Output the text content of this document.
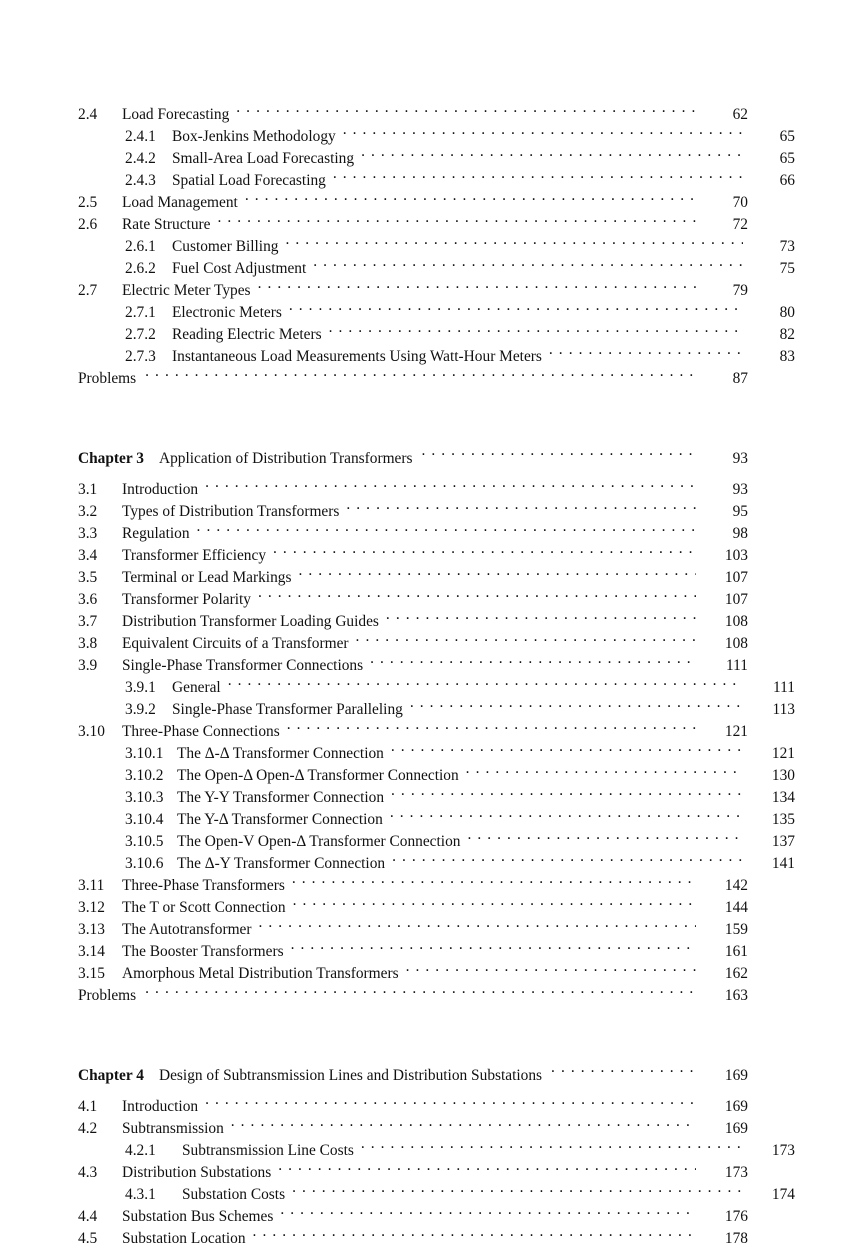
2.4	Load Forecasting . . .	62
2.4.1	Box-Jenkins Methodology . . .	65
2.4.2	Small-Area Load Forecasting . . .	65
2.4.3	Spatial Load Forecasting . . .	66
2.5	Load Management . . .	70
2.6	Rate Structure . . .	72
2.6.1	Customer Billing . . .	73
2.6.2	Fuel Cost Adjustment . . .	75
2.7	Electric Meter Types . . .	79
2.7.1	Electronic Meters . . .	80
2.7.2	Reading Electric Meters . . .	82
2.7.3	Instantaneous Load Measurements Using Watt-Hour Meters . . .	83
Problems . . .	87
Chapter 3 Application of Distribution Transformers . . .	93
3.1	Introduction . . .	93
3.2	Types of Distribution Transformers . . .	95
3.3	Regulation . . .	98
3.4	Transformer Efficiency . . .	103
3.5	Terminal or Lead Markings . . .	107
3.6	Transformer Polarity . . .	107
3.7	Distribution Transformer Loading Guides . . .	108
3.8	Equivalent Circuits of a Transformer . . .	108
3.9	Single-Phase Transformer Connections . . .	111
3.9.1	General . . .	111
3.9.2	Single-Phase Transformer Paralleling . . .	113
3.10	Three-Phase Connections . . .	121
3.10.1 The Δ-Δ Transformer Connection . . .	121
3.10.2 The Open-Δ Open-Δ Transformer Connection . . .	130
3.10.3 The Y-Y Transformer Connection . . .	134
3.10.4 The Y-Δ Transformer Connection . . .	135
3.10.5 The Open-V Open-Δ Transformer Connection . . .	137
3.10.6 The Δ-Y Transformer Connection . . .	141
3.11	Three-Phase Transformers . . .	142
3.12	The T or Scott Connection . . .	144
3.13	The Autotransformer . . .	159
3.14	The Booster Transformers . . .	161
3.15	Amorphous Metal Distribution Transformers . . .	162
Problems . . .	163
Chapter 4 Design of Subtransmission Lines and Distribution Substations . . .	169
4.1	Introduction . . .	169
4.2	Subtransmission . . .	169
4.2.1	Subtransmission Line Costs . . .	173
4.3	Distribution Substations . . .	173
4.3.1	Substation Costs . . .	174
4.4	Substation Bus Schemes . . .	176
4.5	Substation Location . . .	178
